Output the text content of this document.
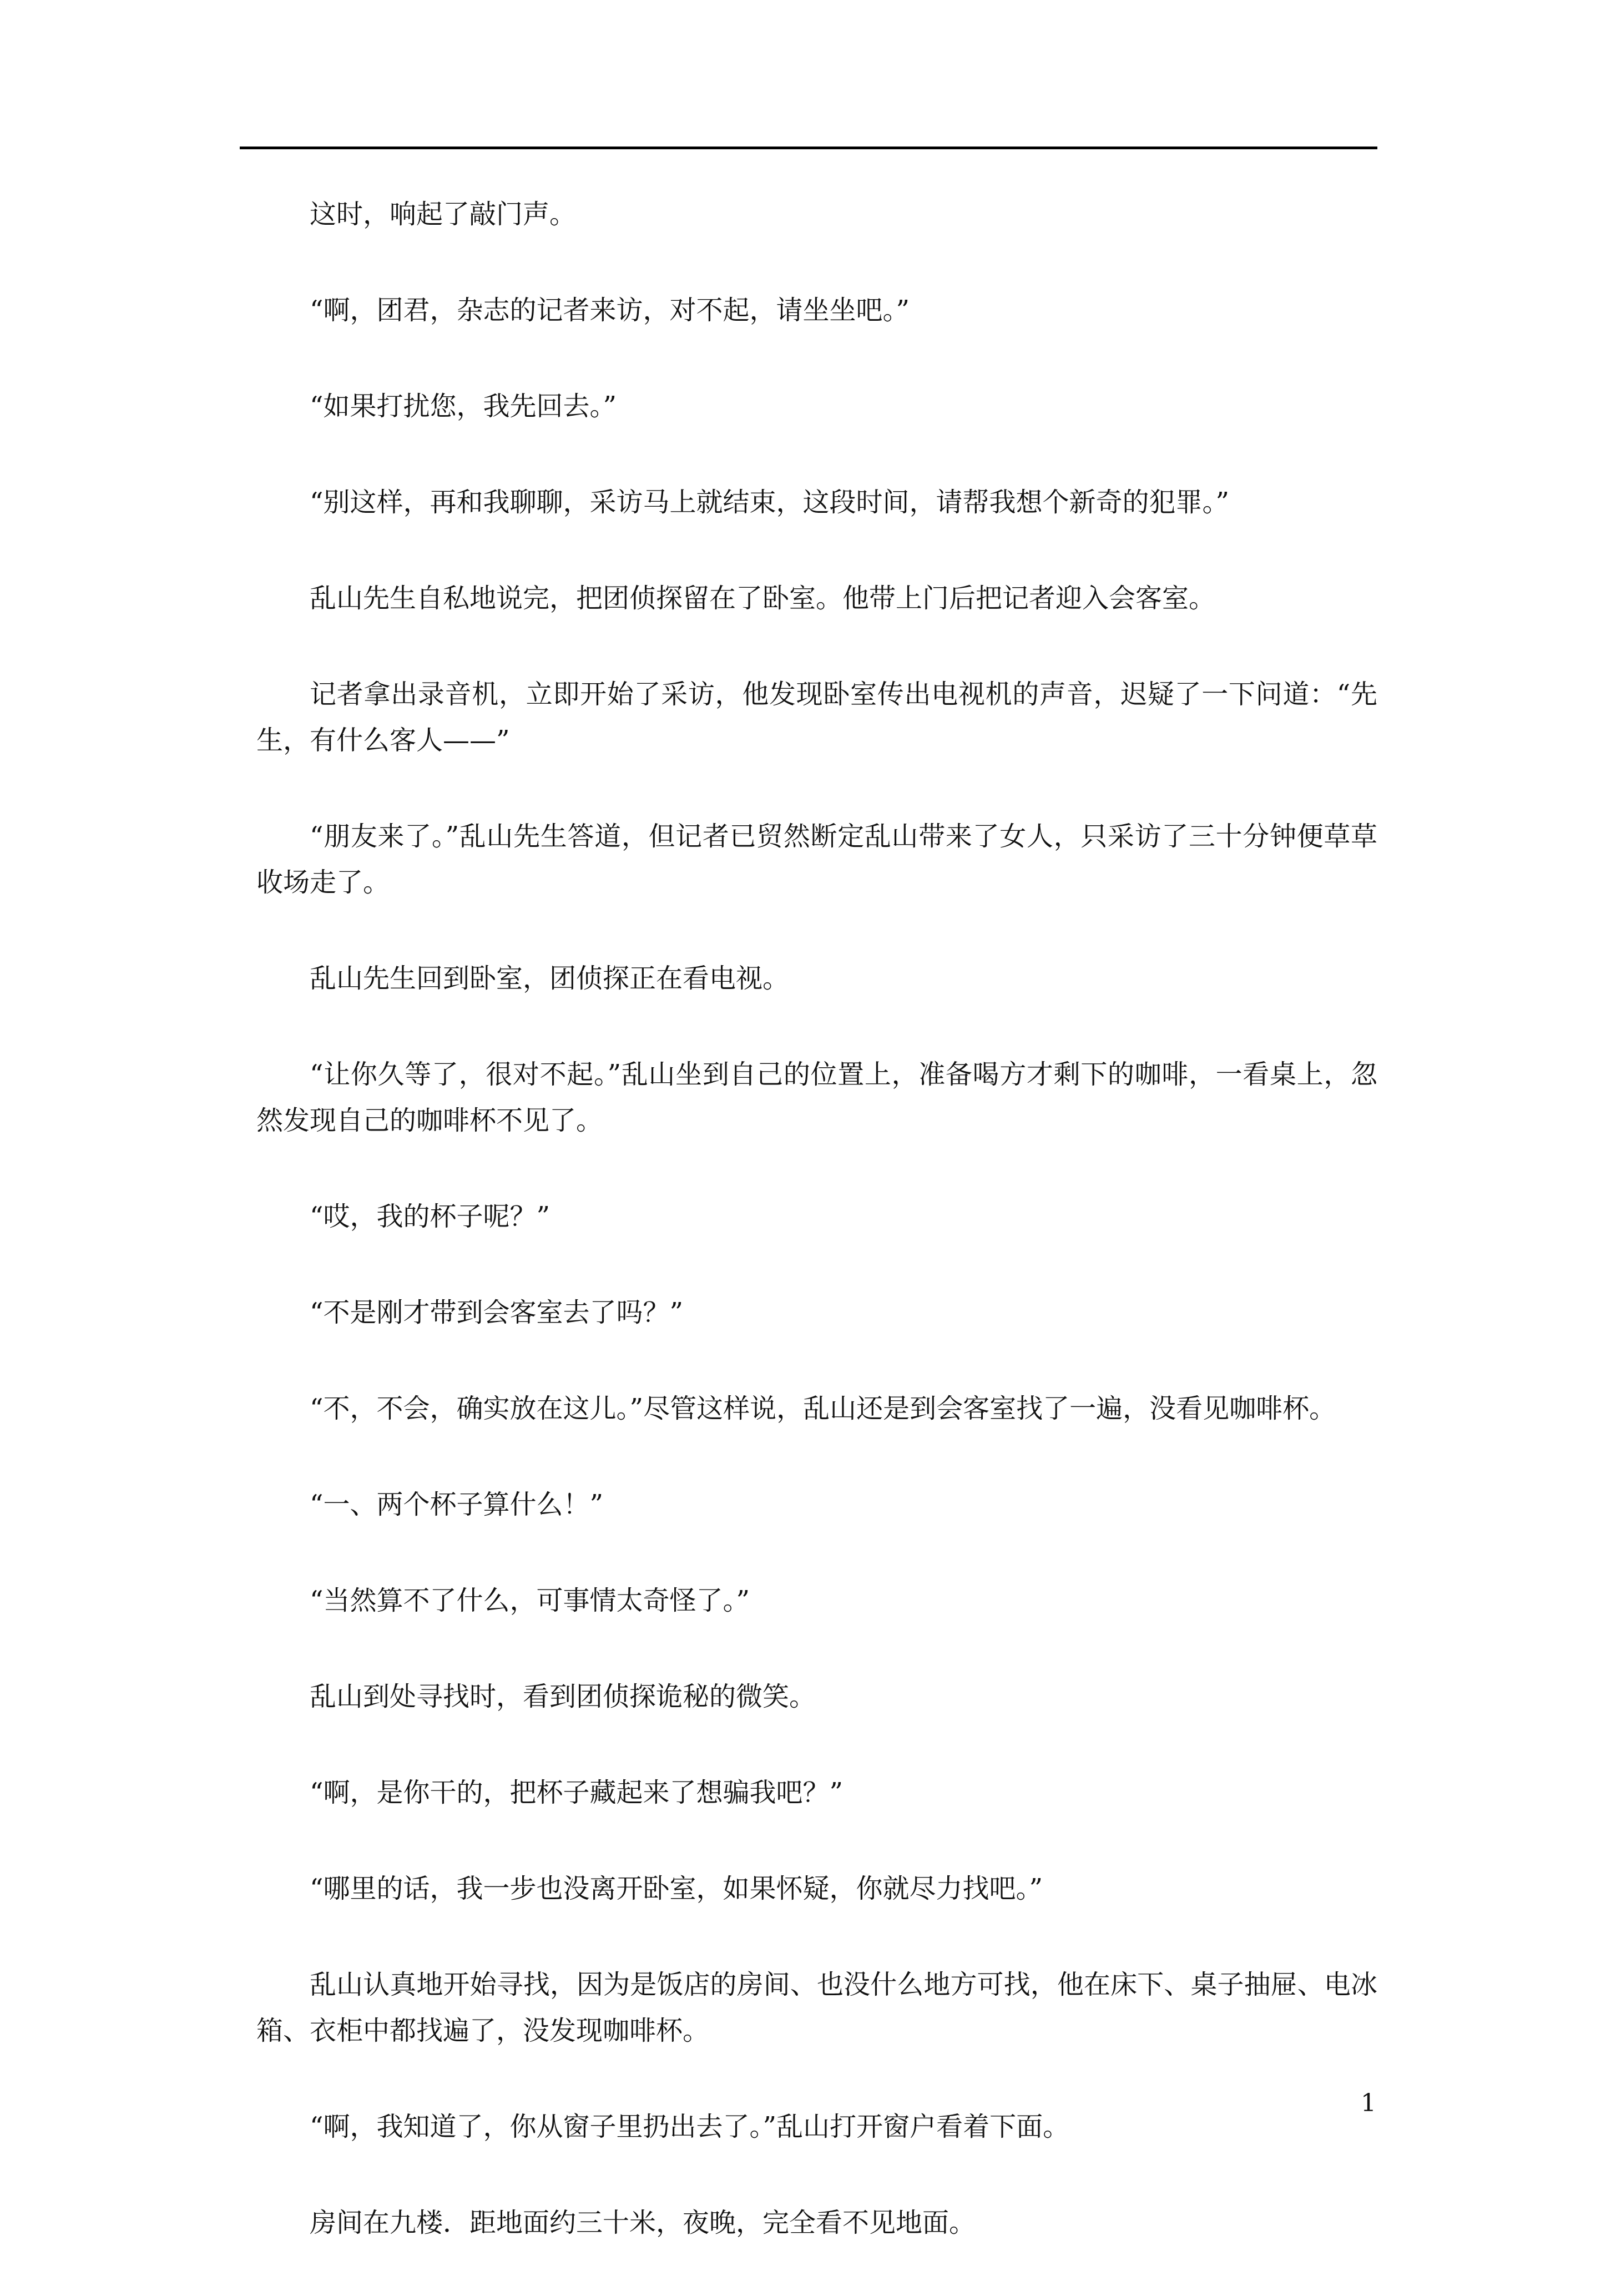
这时，响起了敲门声。

“啊，团君，杂志的记者来访，对不起，请坐坐吧。”

“如果打扰您，我先回去。”

“别这样，再和我聊聊，采访马上就结束，这段时间，请帮我想个新奇的犯罪。”

乱山先生自私地说完，把团侦探留在了卧室。他带上门后把记者迎入会客室。

记者拿出录音机，立即开始了采访，他发现卧室传出电视机的声音，迟疑了一下问道：“先生，有什么客人——”

“朋友来了。”乱山先生答道，但记者已贸然断定乱山带来了女人，只采访了三十分钟便草草收场走了。

乱山先生回到卧室，团侦探正在看电视。

“让你久等了，很对不起。”乱山坐到自己的位置上，准备喝方才剩下的咖啡，一看桌上，忽然发现自己的咖啡杯不见了。

“哎，我的杯子呢？”

“不是刚才带到会客室去了吗？”

“不，不会，确实放在这儿。”尽管这样说，乱山还是到会客室找了一遍，没看见咖啡杯。

“一、两个杯子算什么！”

“当然算不了什么，可事情太奇怪了。”

乱山到处寻找时，看到团侦探诡秘的微笑。

“啊，是你干的，把杯子藏起来了想骗我吧？”

“哪里的话，我一步也没离开卧室，如果怀疑，你就尽力找吧。”

乱山认真地开始寻找，因为是饭店的房间、也没什么地方可找，他在床下、桌子抽屉、电冰箱、衣柜中都找遍了，没发现咖啡杯。

“啊，我知道了，你从窗子里扔出去了。”乱山打开窗户看着下面。

房间在九楼．距地面约三十米，夜晚，完全看不见地面。

1
